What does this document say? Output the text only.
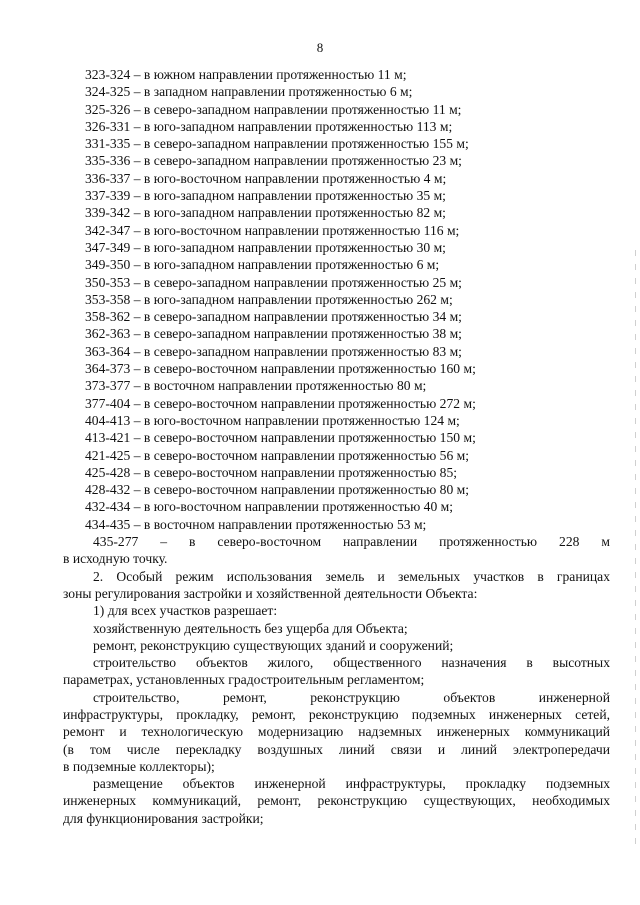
8
323-324 – в южном направлении протяженностью 11 м;
324-325 – в западном направлении протяженностью 6 м;
325-326 – в северо-западном направлении протяженностью 11 м;
326-331 – в юго-западном направлении протяженностью 113 м;
331-335 – в северо-западном направлении протяженностью 155 м;
335-336 – в северо-западном направлении протяженностью 23 м;
336-337 – в юго-восточном направлении протяженностью 4 м;
337-339 – в юго-западном направлении протяженностью 35 м;
339-342 – в юго-западном направлении протяженностью 82 м;
342-347 – в юго-восточном направлении протяженностью 116 м;
347-349 – в юго-западном направлении протяженностью 30 м;
349-350 – в юго-западном направлении протяженностью 6 м;
350-353 – в северо-западном направлении протяженностью 25 м;
353-358 – в юго-западном направлении протяженностью 262 м;
358-362 – в северо-западном направлении протяженностью 34 м;
362-363 – в северо-западном направлении протяженностью 38 м;
363-364 – в северо-западном направлении протяженностью 83 м;
364-373 – в северо-восточном направлении протяженностью 160 м;
373-377 – в восточном направлении протяженностью 80 м;
377-404 – в северо-восточном направлении протяженностью 272 м;
404-413 – в юго-восточном направлении протяженностью 124 м;
413-421 – в северо-восточном направлении протяженностью 150 м;
421-425 – в северо-восточном направлении протяженностью 56 м;
425-428 – в северо-восточном направлении протяженностью 85;
428-432 – в северо-восточном направлении протяженностью 80 м;
432-434 – в юго-восточном направлении протяженностью 40 м;
434-435 – в восточном направлении протяженностью 53 м;
435-277 – в северо-восточном направлении протяженностью 228 м
в исходную точку.
2. Особый режим использования земель и земельных участков в границах
зоны регулирования застройки и хозяйственной деятельности Объекта:
1) для всех участков разрешает:
хозяйственную деятельность без ущерба для Объекта;
ремонт, реконструкцию существующих зданий и сооружений;
строительство объектов жилого, общественного назначения в высотных
параметрах, установленных градостроительным регламентом;
строительство, ремонт, реконструкцию объектов инженерной
инфраструктуры, прокладку, ремонт, реконструкцию подземных инженерных сетей,
ремонт и технологическую модернизацию надземных инженерных коммуникаций
(в том числе перекладку воздушных линий связи и линий электропередачи
в подземные коллекторы);
размещение объектов инженерной инфраструктуры, прокладку подземных
инженерных коммуникаций, ремонт, реконструкцию существующих, необходимых
для функционирования застройки;
